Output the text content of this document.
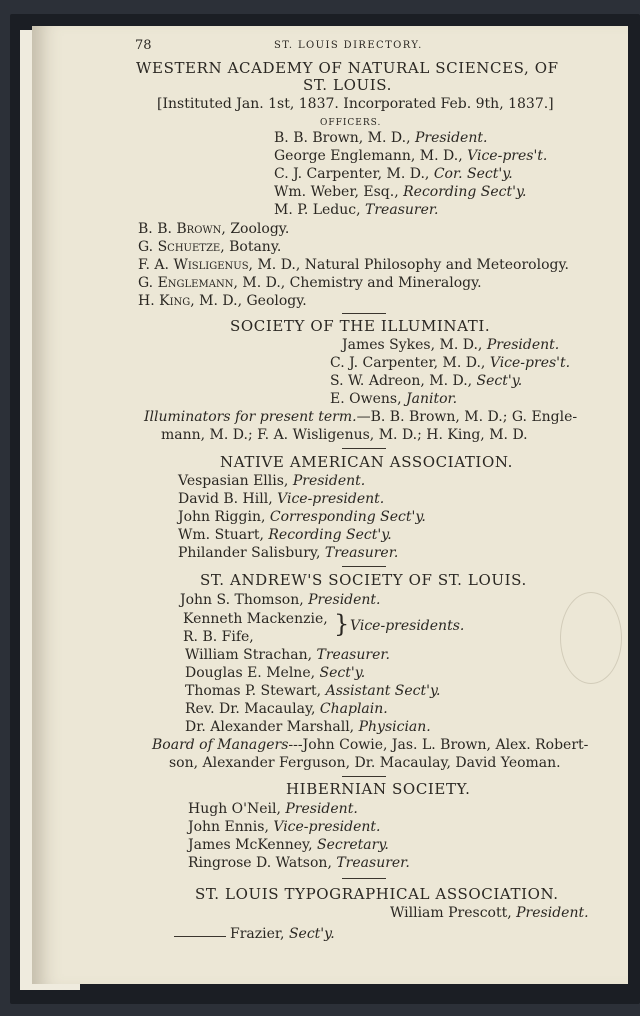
78	ST. LOUIS DIRECTORY.
WESTERN ACADEMY OF NATURAL SCIENCES, OF
ST. LOUIS.
[Instituted Jan. 1st, 1837. Incorporated Feb. 9th, 1837.]
OFFICERS.
B. B. Brown, M. D., President.
George Englemann, M. D., Vice-pres't.
C. J. Carpenter, M. D., Cor. Sect'y.
Wm. Weber, Esq., Recording Sect'y.
M. P. Leduc, Treasurer.
B. B. Brown, Zoology.
G. Schuetze, Botany.
F. A. Wisligenus, M. D., Natural Philosophy and Meteorology.
G. Englemann, M. D., Chemistry and Mineralogy.
H. King, M. D., Geology.
SOCIETY OF THE ILLUMINATI.
James Sykes, M. D., President.
C. J. Carpenter, M. D., Vice-pres't.
S. W. Adreon, M. D., Sect'y.
E. Owens, Janitor.
Illuminators for present term.—B. B. Brown, M. D.; G. Engle-
mann, M. D.; F. A. Wisligenus, M. D.; H. King, M. D.
NATIVE AMERICAN ASSOCIATION.
Vespasian Ellis, President.
David B. Hill, Vice-president.
John Riggin, Corresponding Sect'y.
Wm. Stuart, Recording Sect'y.
Philander Salisbury, Treasurer.
ST. ANDREW'S SOCIETY OF ST. LOUIS.
John S. Thomson, President.
Kenneth Mackenzie,
R. B. Fife,	} Vice-presidents.
William Strachan, Treasurer.
Douglas E. Melne, Sect'y.
Thomas P. Stewart, Assistant Sect'y.
Rev. Dr. Macaulay, Chaplain.
Dr. Alexander Marshall, Physician.
Board of Managers---John Cowie, Jas. L. Brown, Alex. Robert-
son, Alexander Ferguson, Dr. Macaulay, David Yeoman.
HIBERNIAN SOCIETY.
Hugh O'Neil, President.
John Ennis, Vice-president.
James McKenney, Secretary.
Ringrose D. Watson, Treasurer.
ST. LOUIS TYPOGRAPHICAL ASSOCIATION.
William Prescott, President.
Frazier, Sect'y.
